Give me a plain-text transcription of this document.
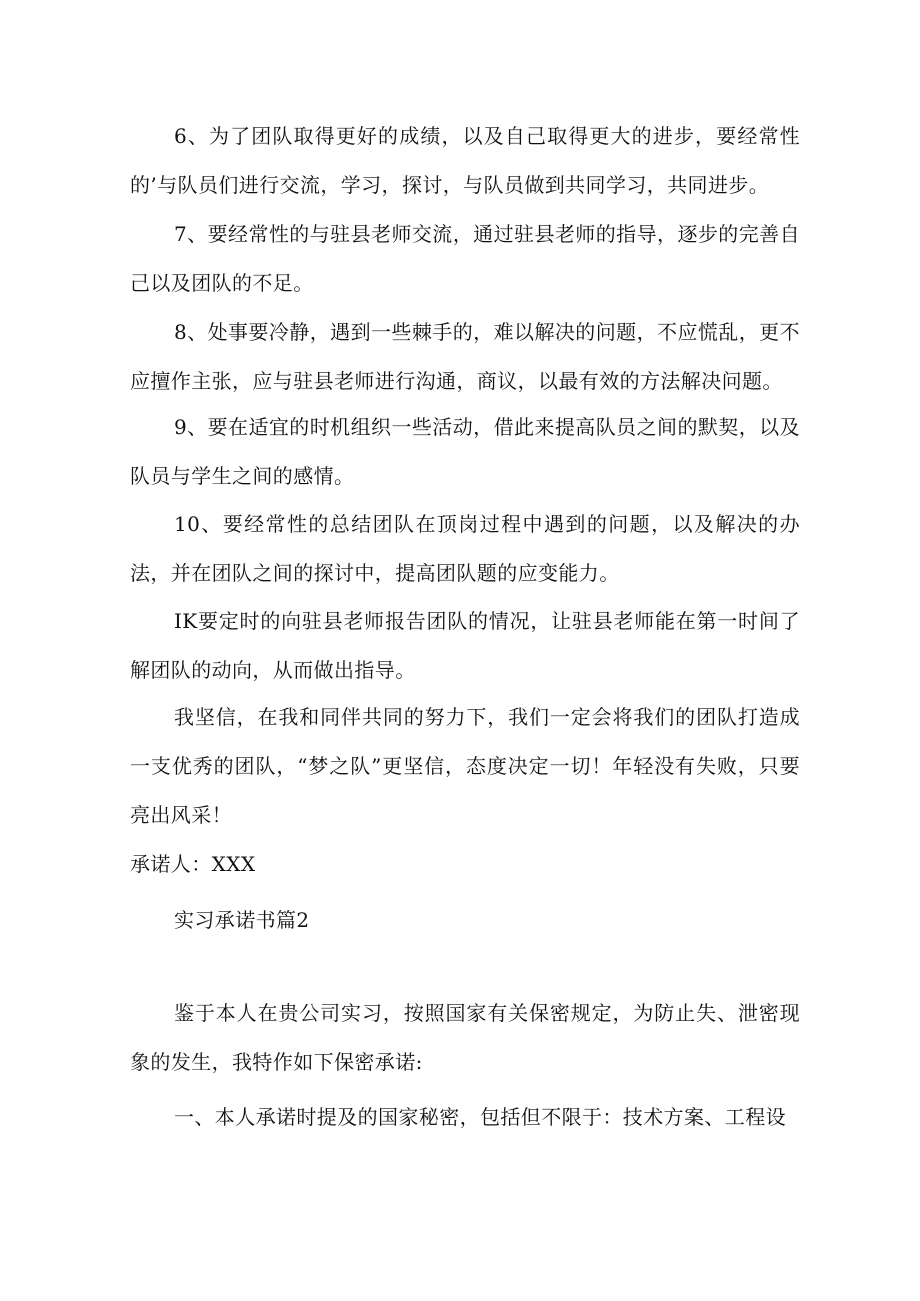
6、为了团队取得更好的成绩，以及自己取得更大的进步，要经常性的’与队员们进行交流，学习，探讨，与队员做到共同学习，共同进步。

7、要经常性的与驻县老师交流，通过驻县老师的指导，逐步的完善自己以及团队的不足。

8、处事要冷静，遇到一些棘手的，难以解决的问题，不应慌乱，更不应擅作主张，应与驻县老师进行沟通，商议，以最有效的方法解决问题。

9、要在适宜的时机组织一些活动，借此来提高队员之间的默契，以及队员与学生之间的感情。

10、要经常性的总结团队在顶岗过程中遇到的问题，以及解决的办法，并在团队之间的探讨中，提高团队题的应变能力。

IK要定时的向驻县老师报告团队的情况，让驻县老师能在第一时间了解团队的动向，从而做出指导。

我坚信，在我和同伴共同的努力下，我们一定会将我们的团队打造成一支优秀的团队，“梦之队”更坚信，态度决定一切！年轻没有失败，只要亮出风采！

承诺人：XXX

实习承诺书篇2

鉴于本人在贵公司实习，按照国家有关保密规定，为防止失、泄密现象的发生，我特作如下保密承诺:

一、本人承诺时提及的国家秘密，包括但不限于：技术方案、工程设
